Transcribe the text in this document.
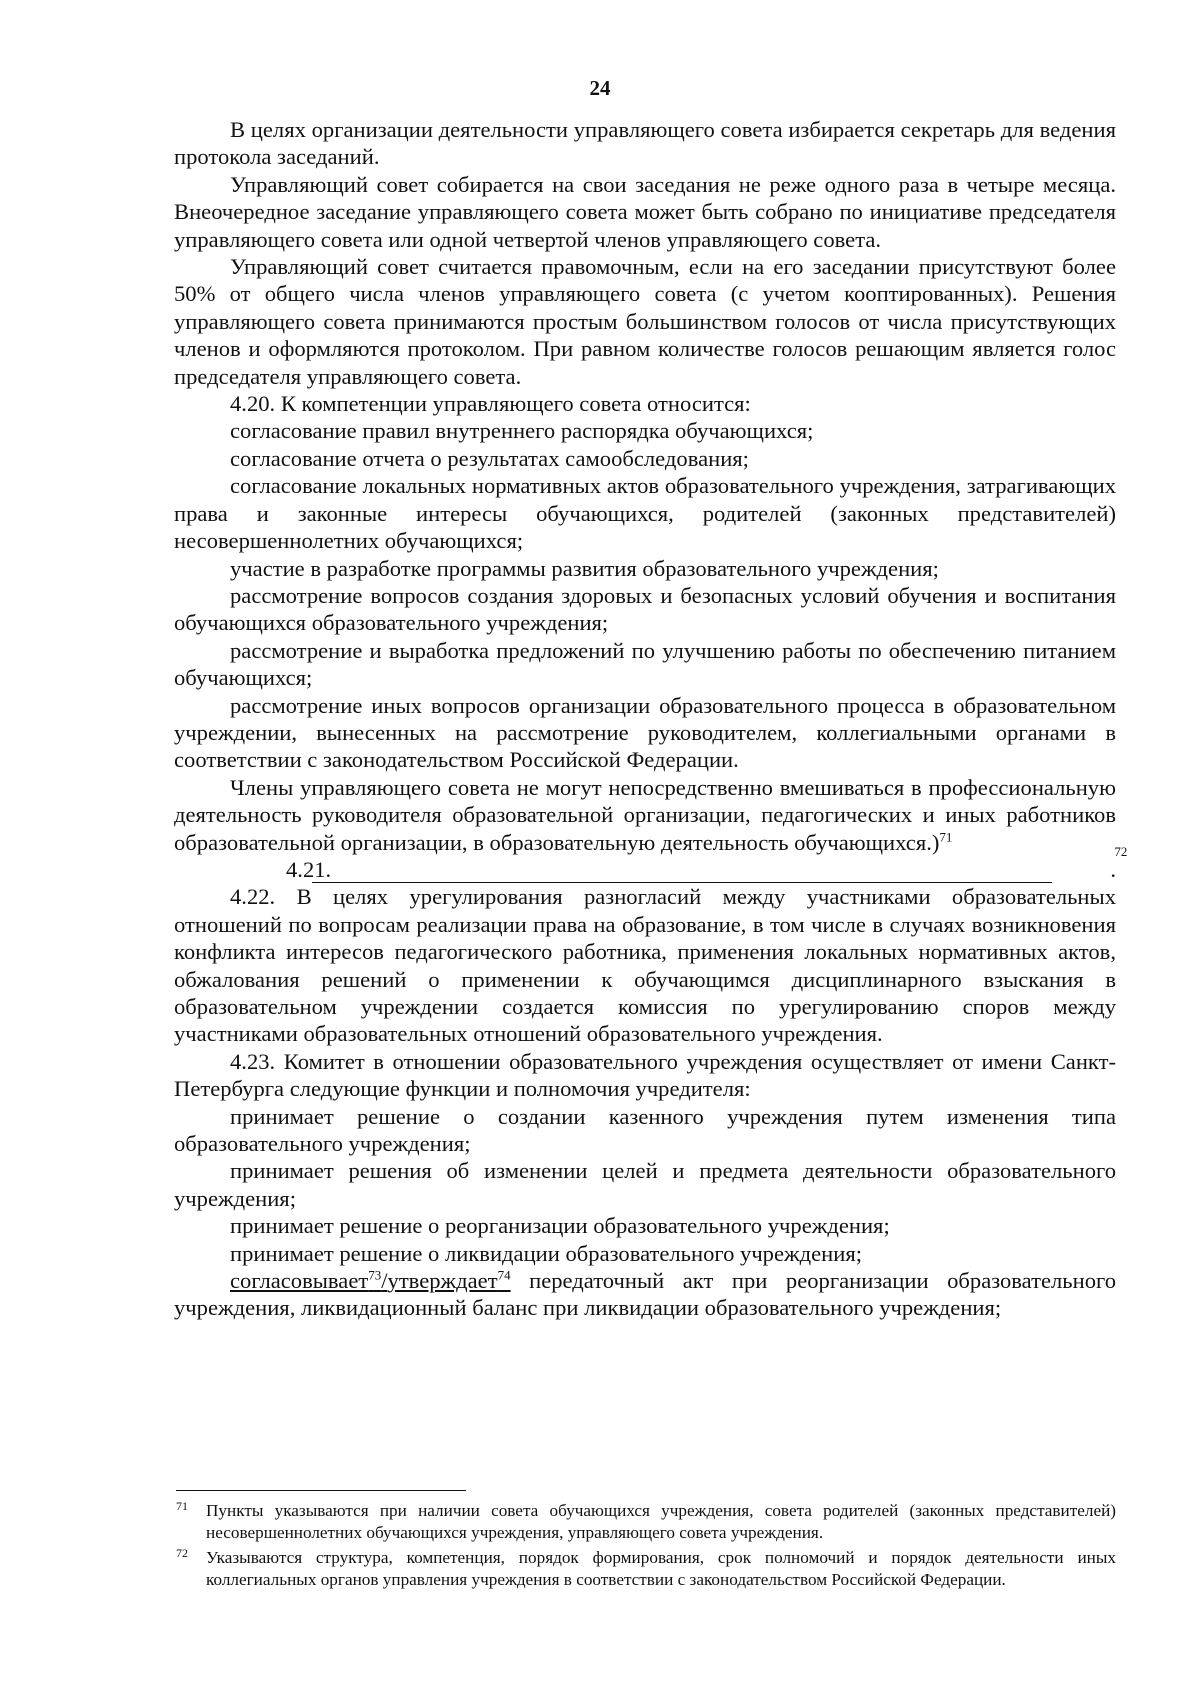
24

В целях организации деятельности управляющего совета избирается секретарь для ведения протокола заседаний.

Управляющий совет собирается на свои заседания не реже одного раза в четыре месяца. Внеочередное заседание управляющего совета может быть собрано по инициативе председателя управляющего совета или одной четвертой членов управляющего совета.

Управляющий совет считается правомочным, если на его заседании присутствуют более 50% от общего числа членов управляющего совета (с учетом кооптированных). Решения управляющего совета принимаются простым большинством голосов от числа присутствующих членов и оформляются протоколом. При равном количестве голосов решающим является голос председателя управляющего совета.

4.20. К компетенции управляющего совета относится:

согласование правил внутреннего распорядка обучающихся;

согласование отчета о результатах самообследования;

согласование локальных нормативных актов образовательного учреждения, затрагивающих права и законные интересы обучающихся, родителей (законных представителей) несовершеннолетних обучающихся;

участие в разработке программы развития образовательного учреждения;

рассмотрение вопросов создания здоровых и безопасных условий обучения и воспитания обучающихся образовательного учреждения;

рассмотрение и выработка предложений по улучшению работы по обеспечению питанием обучающихся;

рассмотрение иных вопросов организации образовательного процесса в образовательном учреждении, вынесенных на рассмотрение руководителем, коллегиальными органами в соответствии с законодательством Российской Федерации.

Члены управляющего совета не могут непосредственно вмешиваться в профессиональную деятельность руководителя образовательной организации, педагогических и иных работников образовательной организации, в образовательную деятельность обучающихся.)$^{71}$

4.21.	.
72

4.22. В целях урегулирования разногласий между участниками образовательных отношений по вопросам реализации права на образование, в том числе в случаях возникновения конфликта интересов педагогического работника, применения локальных нормативных актов, обжалования решений о применении к обучающимся дисциплинарного взыскания в образовательном учреждении создается комиссия по урегулированию споров между участниками образовательных отношений образовательного учреждения.

4.23. Комитет в отношении образовательного учреждения осуществляет от имени Санкт-Петербурга следующие функции и полномочия учредителя:

принимает решение о создании казенного учреждения путем изменения типа образовательного учреждения;

принимает решения об изменении целей и предмета деятельности образовательного учреждения;

принимает решение о реорганизации образовательного учреждения;

принимает решение о ликвидации образовательного учреждения;

согласовывает$^{73}$/утверждает$^{74}$ передаточный акт при реорганизации образовательного учреждения, ликвидационный баланс при ликвидации образовательного учреждения;

71 Пункты указываются при наличии совета обучающихся учреждения, совета родителей (законных представителей) несовершеннолетних обучающихся учреждения, управляющего совета учреждения.
72 Указываются структура, компетенция, порядок формирования, срок полномочий и порядок деятельности иных коллегиальных органов управления учреждения в соответствии с законодательством Российской Федерации.
